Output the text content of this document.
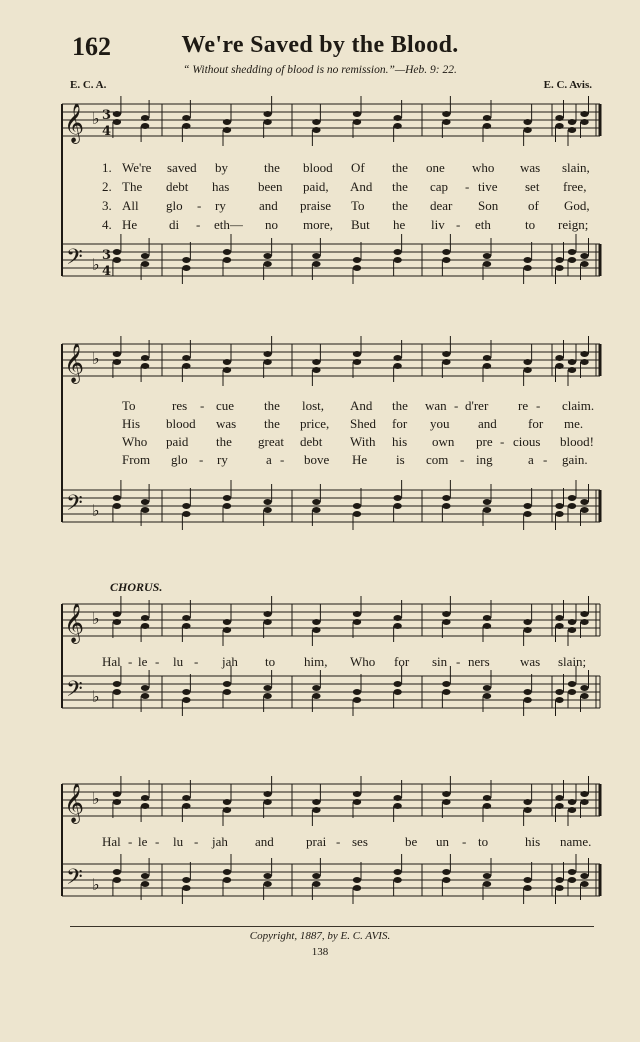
162	We're Saved by the Blood.
“ Without shedding of blood is no remission.”—Heb. 9: 22.
E. C. A.	E. C. Avis.
𝄞
𝄢
♭
♭
3
4
3
4
𝄞
𝄢
♭
♭
𝄞
𝄢
♭
♭
𝄞
𝄢
♭
♭
1. We're saved by	the blood Of the one who was slain,
2. The debt has been paid, And the cap - tive set free,
3. All glo - ry	and praise To the dear Son of God,
4. He di - eth— no more, But he liv - eth	to reign;
To	res - cue the lost, And the wan - d'rer re - claim.
His blood was the price, Shed for you and for me.
Who paid the great debt With his own pre - cious blood!
From glo - ry	a - bove He is com - ing	a - gain.
CHORUS.
Hal - le - lu - jah to him, Who for sin - ners was slain;
Hal - le - lu - jah and prai - ses	be un - to	his name.
Copyright, 1887, by E. C. AVIS.
138
